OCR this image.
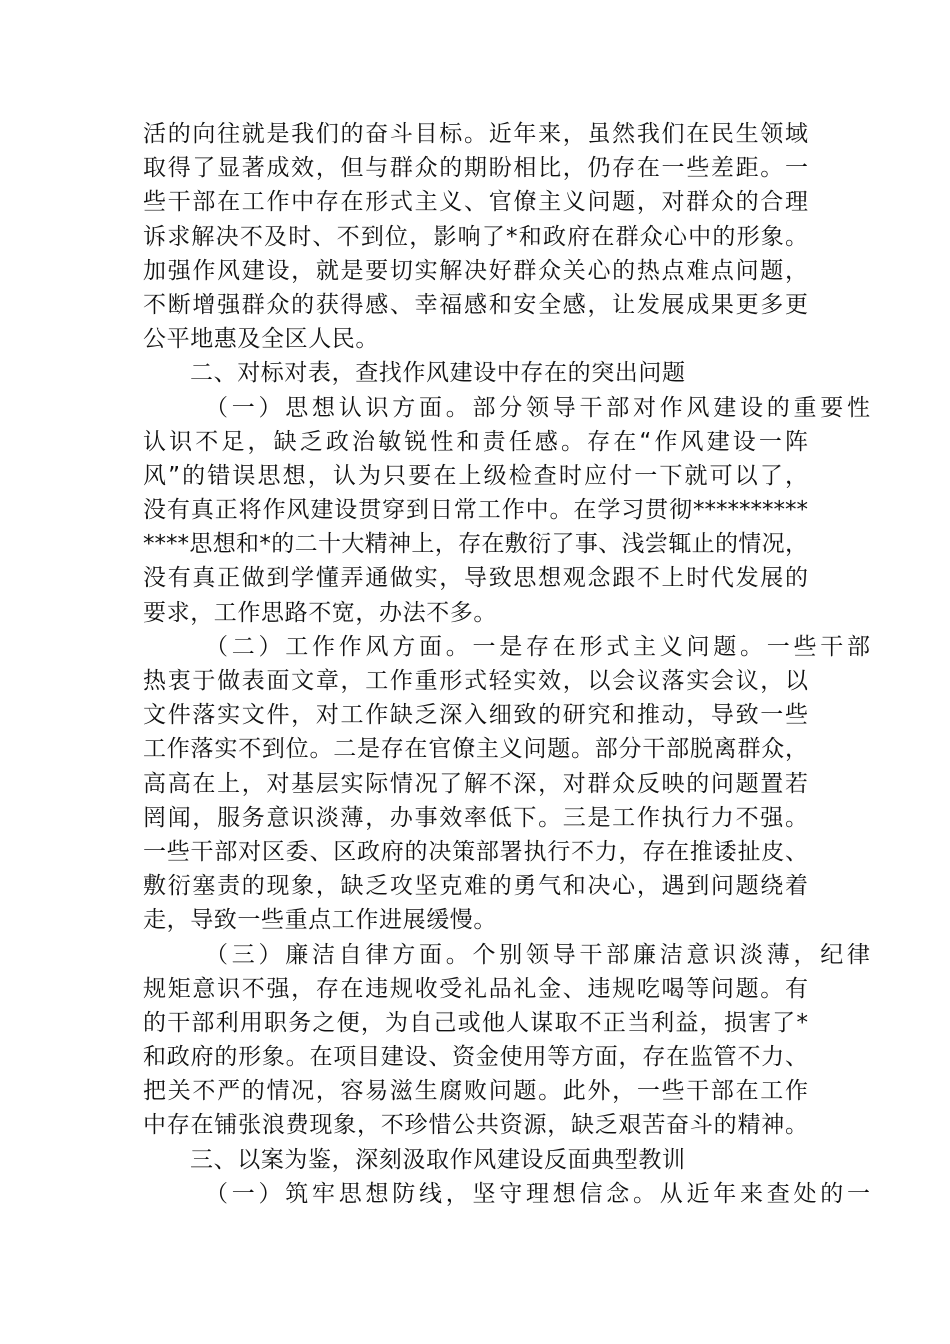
活的向往就是我们的奋斗目标。近年来，虽然我们在民生领域
取得了显著成效，但与群众的期盼相比，仍存在一些差距。一
些干部在工作中存在形式主义、官僚主义问题，对群众的合理
诉求解决不及时、不到位，影响了*和政府在群众心中的形象。
加强作风建设，就是要切实解决好群众关心的热点难点问题，
不断增强群众的获得感、幸福感和安全感，让发展成果更多更
公平地惠及全区人民。
二、对标对表，查找作风建设中存在的突出问题
（一）思想认识方面。部分领导干部对作风建设的重要性
认识不足，缺乏政治敏锐性和责任感。存在“作风建设一阵
风”的错误思想，认为只要在上级检查时应付一下就可以了，
没有真正将作风建设贯穿到日常工作中。在学习贯彻**********
****思想和*的二十大精神上，存在敷衍了事、浅尝辄止的情况，
没有真正做到学懂弄通做实，导致思想观念跟不上时代发展的
要求，工作思路不宽，办法不多。
（二）工作作风方面。一是存在形式主义问题。一些干部
热衷于做表面文章，工作重形式轻实效，以会议落实会议，以
文件落实文件，对工作缺乏深入细致的研究和推动，导致一些
工作落实不到位。二是存在官僚主义问题。部分干部脱离群众，
高高在上，对基层实际情况了解不深，对群众反映的问题置若
罔闻，服务意识淡薄，办事效率低下。三是工作执行力不强。
一些干部对区委、区政府的决策部署执行不力，存在推诿扯皮、
敷衍塞责的现象，缺乏攻坚克难的勇气和决心，遇到问题绕着
走，导致一些重点工作进展缓慢。
（三）廉洁自律方面。个别领导干部廉洁意识淡薄，纪律
规矩意识不强，存在违规收受礼品礼金、违规吃喝等问题。有
的干部利用职务之便，为自己或他人谋取不正当利益，损害了*
和政府的形象。在项目建设、资金使用等方面，存在监管不力、
把关不严的情况，容易滋生腐败问题。此外，一些干部在工作
中存在铺张浪费现象，不珍惜公共资源，缺乏艰苦奋斗的精神。
三、以案为鉴，深刻汲取作风建设反面典型教训
（一）筑牢思想防线，坚守理想信念。从近年来查处的一
